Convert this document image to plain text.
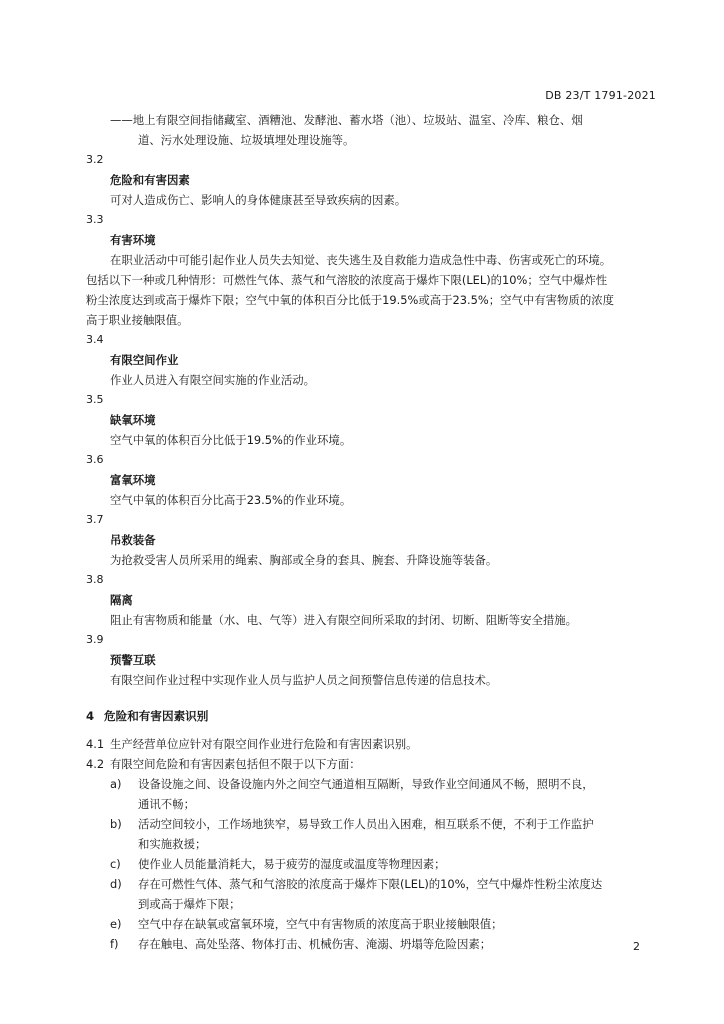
DB 23/T 1791-2021
——地上有限空间指储藏室、酒糟池、发酵池、蓄水塔（池）、垃圾站、温室、冷库、粮仓、烟
道、污水处理设施、垃圾填埋处理设施等。
3.2
危险和有害因素
可对人造成伤亡、影响人的身体健康甚至导致疾病的因素。
3.3
有害环境
在职业活动中可能引起作业人员失去知觉、丧失逃生及自救能力造成急性中毒、伤害或死亡的环境。
包括以下一种或几种情形：可燃性气体、蒸气和气溶胶的浓度高于爆炸下限(LEL)的10%；空气中爆炸性
粉尘浓度达到或高于爆炸下限；空气中氧的体积百分比低于19.5%或高于23.5%；空气中有害物质的浓度
高于职业接触限值。
3.4
有限空间作业
作业人员进入有限空间实施的作业活动。
3.5
缺氧环境
空气中氧的体积百分比低于19.5%的作业环境。
3.6
富氧环境
空气中氧的体积百分比高于23.5%的作业环境。
3.7
吊救装备
为抢救受害人员所采用的绳索、胸部或全身的套具、腕套、升降设施等装备。
3.8
隔离
阻止有害物质和能量（水、电、气等）进入有限空间所采取的封闭、切断、阻断等安全措施。
3.9
预警互联
有限空间作业过程中实现作业人员与监护人员之间预警信息传递的信息技术。
4 危险和有害因素识别
4.1 生产经营单位应针对有限空间作业进行危险和有害因素识别。
4.2 有限空间危险和有害因素包括但不限于以下方面：
a) 设备设施之间、设备设施内外之间空气通道相互隔断，导致作业空间通风不畅，照明不良，
通讯不畅；
b) 活动空间较小，工作场地狭窄，易导致工作人员出入困难，相互联系不便，不利于工作监护
和实施救援；
c) 使作业人员能量消耗大，易于疲劳的湿度或温度等物理因素；
d) 存在可燃性气体、蒸气和气溶胶的浓度高于爆炸下限(LEL)的10%，空气中爆炸性粉尘浓度达
到或高于爆炸下限；
e) 空气中存在缺氧或富氧环境，空气中有害物质的浓度高于职业接触限值；
f) 存在触电、高处坠落、物体打击、机械伤害、淹溺、坍塌等危险因素；	2
